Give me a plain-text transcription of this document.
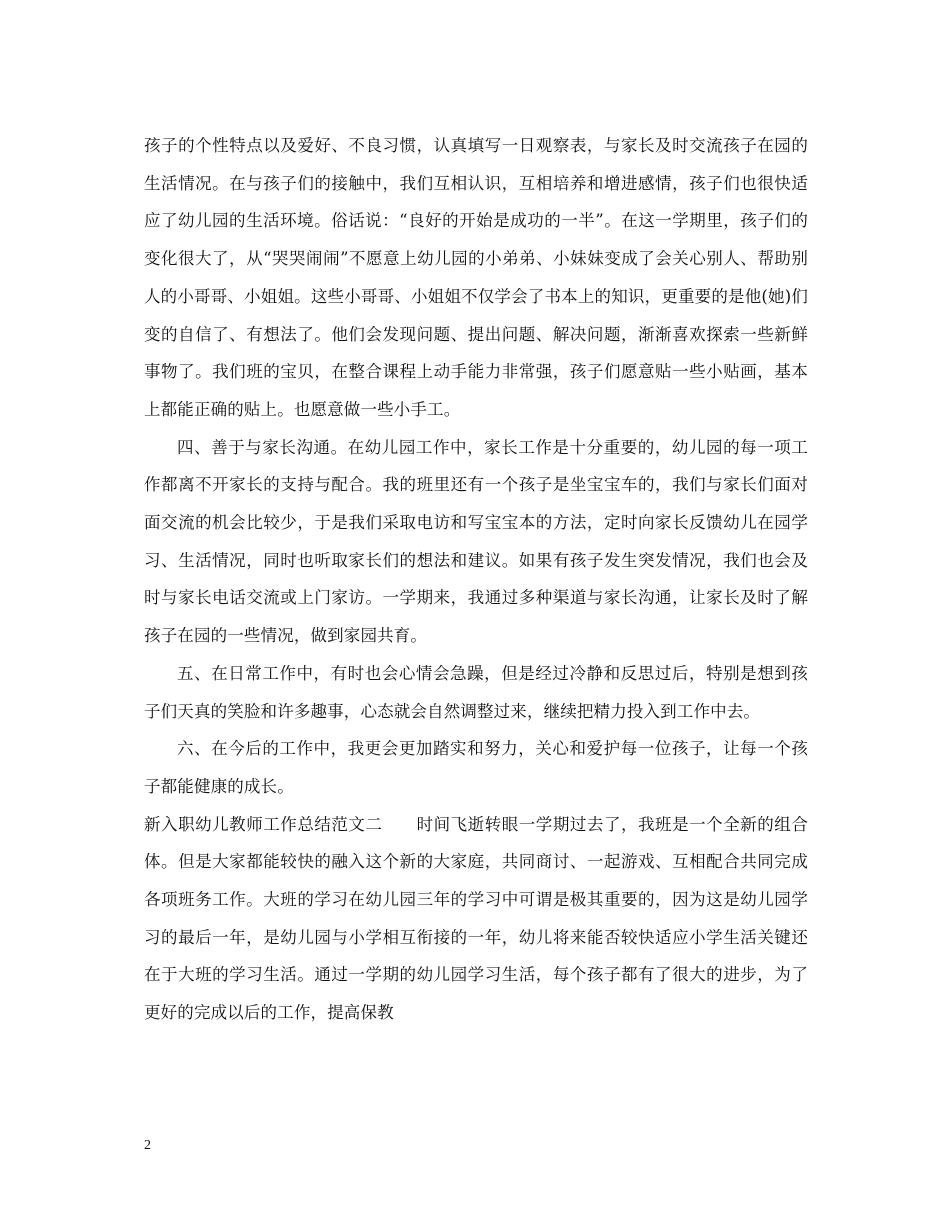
孩子的个性特点以及爱好、不良习惯，认真填写一日观察表，与家长及时交流孩子在园的生活情况。在与孩子们的接触中，我们互相认识，互相培养和增进感情，孩子们也很快适应了幼儿园的生活环境。俗话说：“良好的开始是成功的一半”。在这一学期里，孩子们的变化很大了，从“哭哭闹闹”不愿意上幼儿园的小弟弟、小妹妹变成了会关心别人、帮助别人的小哥哥、小姐姐。这些小哥哥、小姐姐不仅学会了书本上的知识，更重要的是他(她)们变的自信了、有想法了。他们会发现问题、提出问题、解决问题，渐渐喜欢探索一些新鲜事物了。我们班的宝贝，在整合课程上动手能力非常强，孩子们愿意贴一些小贴画，基本上都能正确的贴上。也愿意做一些小手工。

四、善于与家长沟通。在幼儿园工作中，家长工作是十分重要的，幼儿园的每一项工作都离不开家长的支持与配合。我的班里还有一个孩子是坐宝宝车的，我们与家长们面对面交流的机会比较少，于是我们采取电访和写宝宝本的方法，定时向家长反馈幼儿在园学习、生活情况，同时也听取家长们的想法和建议。如果有孩子发生突发情况，我们也会及时与家长电话交流或上门家访。一学期来，我通过多种渠道与家长沟通，让家长及时了解孩子在园的一些情况，做到家园共育。

五、在日常工作中，有时也会心情会急躁，但是经过冷静和反思过后，特别是想到孩子们天真的笑脸和许多趣事，心态就会自然调整过来，继续把精力投入到工作中去。

六、在今后的工作中，我更会更加踏实和努力，关心和爱护每一位孩子，让每一个孩子都能健康的成长。

新入职幼儿教师工作总结范文二　　时间飞逝转眼一学期过去了，我班是一个全新的组合体。但是大家都能较快的融入这个新的大家庭，共同商讨、一起游戏、互相配合共同完成各项班务工作。大班的学习在幼儿园三年的学习中可谓是极其重要的，因为这是幼儿园学习的最后一年，是幼儿园与小学相互衔接的一年，幼儿将来能否较快适应小学生活关键还在于大班的学习生活。通过一学期的幼儿园学习生活，每个孩子都有了很大的进步，为了更好的完成以后的工作，提高保教

2
